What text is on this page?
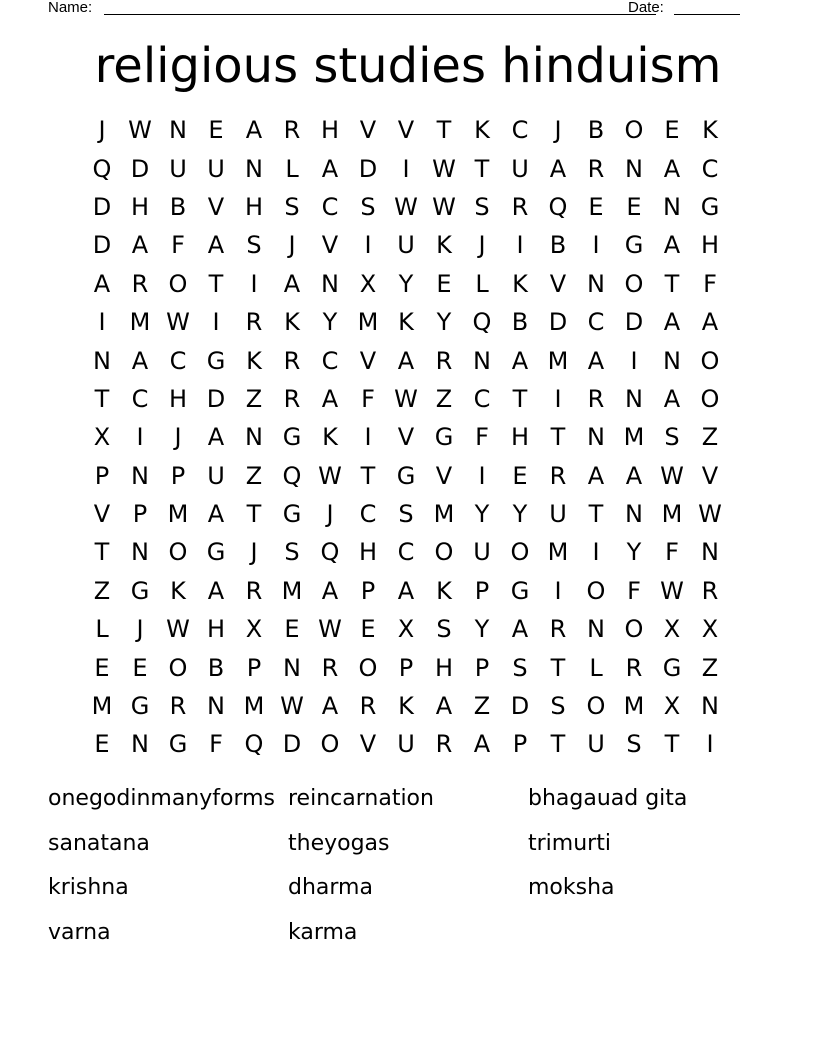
Name:	Date:
religious studies hinduism
J W N E A R H V V T K C	J	B O E K
Q D U U N L A D	I W T U A R N A C
D H B V H S C S W W S R Q E E N G
D A F A S	J	V	I	U K	J	I	B	I	G A H
A R O T	I	A N X Y E L K V N O T F
I	M W I	R K Y M K Y Q B D C D A A
N A C G K R C V A R N A M A	I	N O
T C H D Z R A F W Z C T	I	R N A O
X	I	J	A N G K	I	V G F H T N M S Z
P N P U Z Q W T G V	I	E R A A W V
V P M A T G	J	C S M Y Y U T N M W
T N O G	J	S Q H C O U O M	I	Y F N
Z G K A R M A P A K P G	I	O F W R
L	J W H X E W E X S Y A R N O X X
E E O B P N R O P H P S T L R G Z
M G R N M W A R K A Z D S O M X N
E N G F Q D O V U R A P T U S T	I
onegodinmanyforms reincarnation	bhagauad gita
sanatana	theyogas	trimurti
krishna	dharma	moksha
varna	karma
